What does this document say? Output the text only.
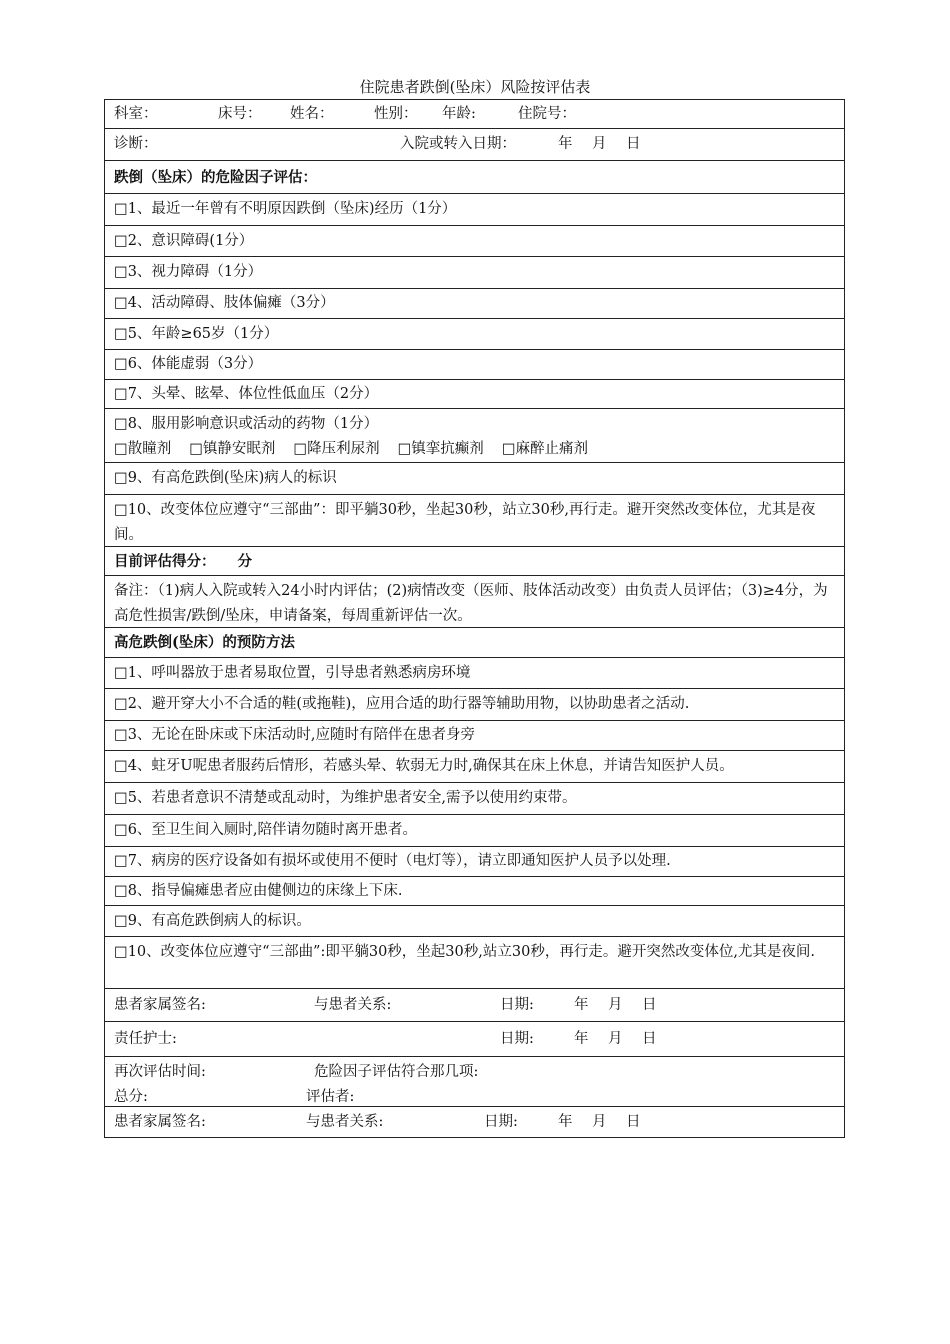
住院患者跌倒(坠床）风险按评估表
科室：	床号： 姓名：	性别： 年龄:	住院号：
诊断：	入院或转入日期：	年 月 日
跌倒（坠床）的危险因子评估：
□1、最近一年曾有不明原因跌倒（坠床)经历（1分）
□2、意识障碍(1分）
□3、视力障碍（1分）
□4、活动障碍、肢体偏瘫（3分）
□5、年龄≥65岁（1分）
□6、体能虚弱（3分）
□7、头晕、眩晕、体位性低血压（2分）
□8、服用影响意识或活动的药物（1分）
□散瞳剂 □镇静安眠剂 □降压利尿剂 □镇挛抗癫剂 □麻醉止痛剂
□9、有高危跌倒(坠床)病人的标识
□10、改变体位应遵守“三部曲”：即平躺30秒，坐起30秒，站立30秒,再行走。避开突然改变体位，尤其是夜间。
目前评估得分： 分
备注：（1)病人入院或转入24小时内评估；(2)病情改变（医师、肢体活动改变）由负责人员评估；（3)≥4分，为高危性损害/跌倒/坠床，申请备案，每周重新评估一次。
高危跌倒(坠床）的预防方法
□1、呼叫器放于患者易取位置，引导患者熟悉病房环境
□2、避开穿大小不合适的鞋(或拖鞋)，应用合适的助行器等辅助用物，以协助患者之活动.
□3、无论在卧床或下床活动时,应随时有陪伴在患者身旁
□4、蛀牙U呢患者服药后情形，若感头晕、软弱无力时,确保其在床上休息，并请告知医护人员。
□5、若患者意识不清楚或乱动时，为维护患者安全,需予以使用约束带。
□6、至卫生间入厕时,陪伴请勿随时离开患者。
□7、病房的医疗设备如有损坏或使用不便时（电灯等），请立即通知医护人员予以处理.
□8、指导偏瘫患者应由健侧边的床缘上下床.
□9、有高危跌倒病人的标识。
□10、改变体位应遵守“三部曲”:即平躺30秒，坐起30秒,站立30秒，再行走。避开突然改变体位,尤其是夜间.
患者家属签名:	与患者关系:	日期:	年 月 日
责任护士:	日期:	年 月 日
再次评估时间:	危险因子评估符合那几项:
总分:	评估者:
患者家属签名:	与患者关系:	日期:	年 月 日
